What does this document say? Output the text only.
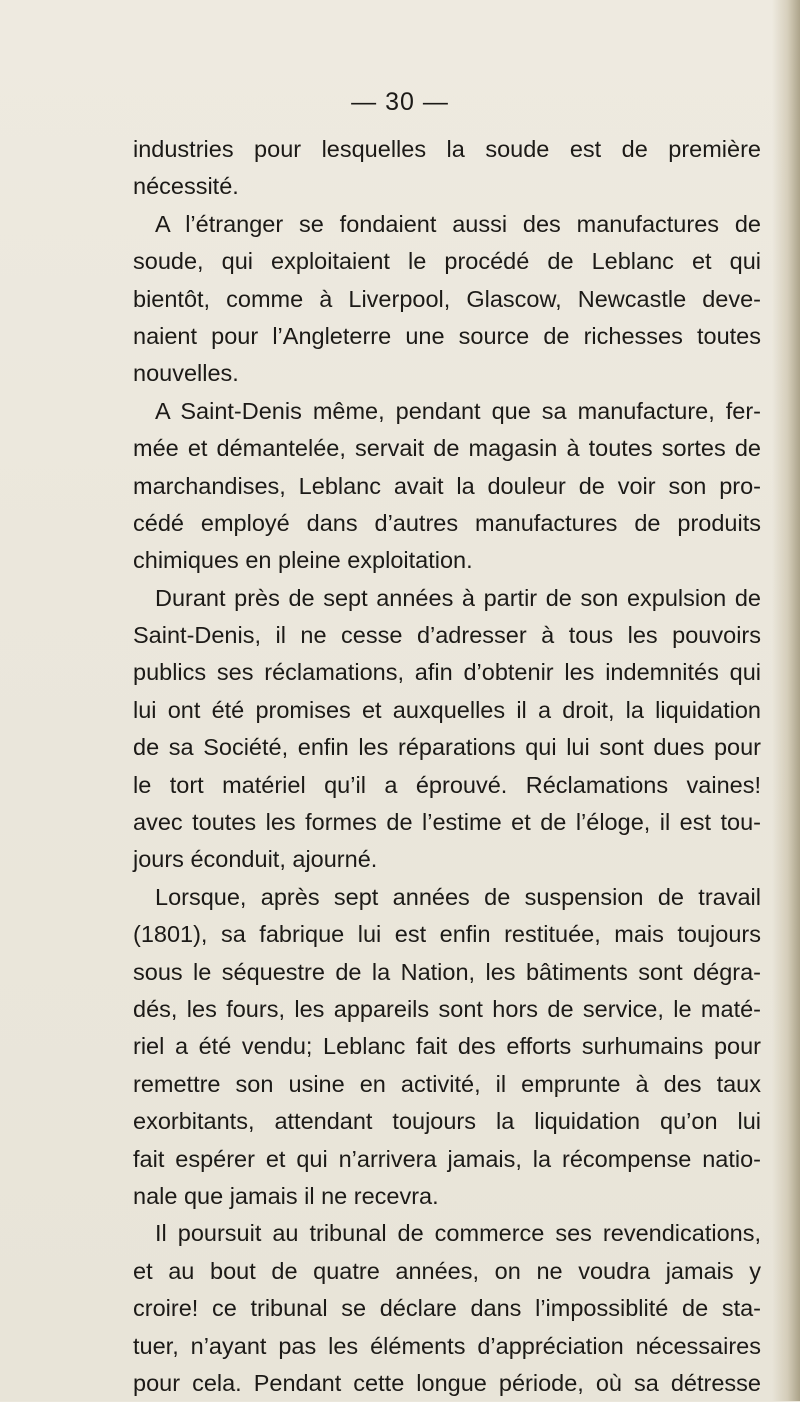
— 30 —
industries pour lesquelles la soude est de première
nécessité.
A l’étranger se fondaient aussi des manufactures de
soude, qui exploitaient le procédé de Leblanc et qui
bientôt, comme à Liverpool, Glascow, Newcastle deve-
naient pour l’Angleterre une source de richesses toutes
nouvelles.
A Saint-Denis même, pendant que sa manufacture, fer-
mée et démantelée, servait de magasin à toutes sortes de
marchandises, Leblanc avait la douleur de voir son pro-
cédé employé dans d’autres manufactures de produits
chimiques en pleine exploitation.
Durant près de sept années à partir de son expulsion de
Saint-Denis, il ne cesse d’adresser à tous les pouvoirs
publics ses réclamations, afin d’obtenir les indemnités qui
lui ont été promises et auxquelles il a droit, la liquidation
de sa Société, enfin les réparations qui lui sont dues pour
le tort matériel qu’il a éprouvé. Réclamations vaines!
avec toutes les formes de l’estime et de l’éloge, il est tou-
jours éconduit, ajourné.
Lorsque, après sept années de suspension de travail
(1801), sa fabrique lui est enfin restituée, mais toujours
sous le séquestre de la Nation, les bâtiments sont dégra-
dés, les fours, les appareils sont hors de service, le maté-
riel a été vendu; Leblanc fait des efforts surhumains pour
remettre son usine en activité, il emprunte à des taux
exorbitants, attendant toujours la liquidation qu’on lui
fait espérer et qui n’arrivera jamais, la récompense natio-
nale que jamais il ne recevra.
Il poursuit au tribunal de commerce ses revendications,
et au bout de quatre années, on ne voudra jamais y
croire! ce tribunal se déclare dans l’impossiblité de sta-
tuer, n’ayant pas les éléments d’appréciation nécessaires
pour cela. Pendant cette longue période, où sa détresse
